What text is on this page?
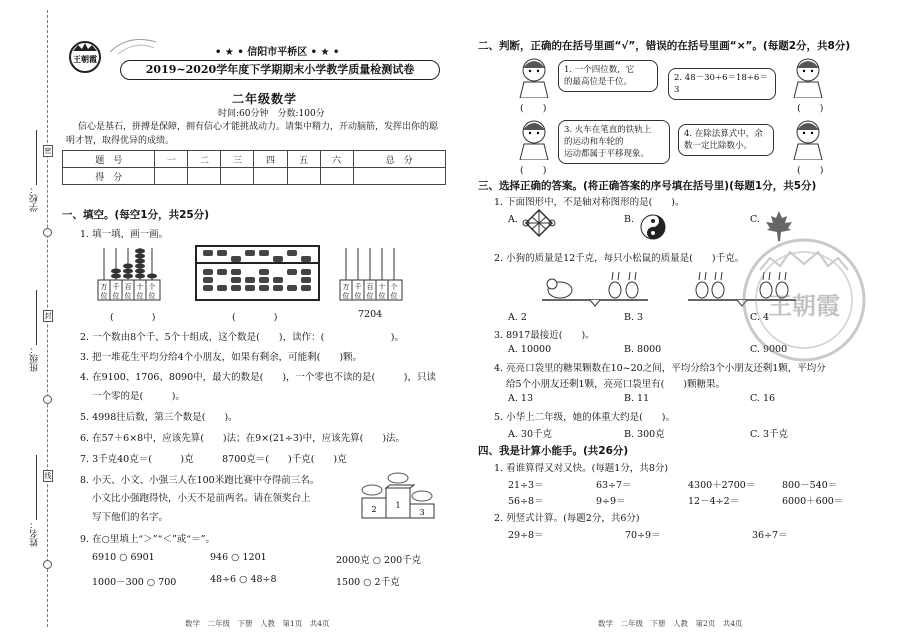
学校：
班级：
姓名：
密
封
线
王朝霞
• ★ • 信阳市平桥区 • ★ •
2019~2020学年度下学期期末小学教学质量检测试卷
二年级数学
时间:60分钟　分数:100分
信心是基石，拼搏是保障，拥有信心才能挑战动力。请集中精力，开动脑筋，发挥出你的聪
明才智，取得优异的成绩。
题　号	一	二	三	四	五	六	总　分
得　分							
一、填空。(每空1分，共25分)
1. 填一填，画一画。
万 千 百 十 个
位 位 位 位 位
万 千 百 十 个
位 位 位 位 位
(　　　　)	(　　　　)	7204
2. 一个数由8个千、5个十组成，这个数是(　　)，读作：(　　　　　　　)。
3. 把一堆花生平均分给4个小朋友，如果有剩余，可能剩(　　)颗。
4. 在9100、1706、8090中，最大的数是(　　)，一个零也不读的是(　　　)，只读
一个零的是(　　　)。
5. 4998往后数，第三个数是(　　)。
6. 在57＋6×8中，应该先算(　　)法；在9×(21÷3)中，应该先算(　　)法。
7. 3千克40克＝(　　　)克　　　8700克＝(　　)千克(　　)克
8. 小天、小文、小强三人在100米跑比赛中夺得前三名。
小文比小强跑得快，小天不是前两名。请在领奖台上
写下他们的名字。
2 1
3
9. 在○里填上“＞”“＜”或“＝”。
6910 ○ 6901	946 ○ 1201	2000克 ○ 200千克
1000－300 ○ 700	48÷6 ○ 48÷8	1500 ○ 2千克
数学　二年级　下册　人教　第1页　共4页
二、判断，正确的在括号里画“√”，错误的在括号里画“×”。(每题2分，共8分)
1. 一个四位数，它
的最高位是千位。
(　　)
2. 48－30÷6＝18÷6＝3
(　　)
3. 火车在笔直的铁轨上
的运动和车轮的
运动都属于平移现象。
(　　)
4. 在除法算式中，余
数一定比除数小。
(　　)
三、选择正确的答案。(将正确答案的序号填在括号里)(每题1分，共5分)
1. 下面图形中，不是轴对称图形的是(　　)。
A.	B.	C.
2. 小狗的质量是12千克，每只小松鼠的质量是(　　)千克。
A. 2	B. 3	C. 4
3. 8917最接近(　　)。
A. 10000	B. 8000	C. 9000
4. 亮亮口袋里的糖果颗数在10~20之间，平均分给3个小朋友还剩1颗，平均分
给5个小朋友还剩1颗，亮亮口袋里有(　　)颗糖果。
A. 13	B. 11	C. 16
5. 小华上二年级，她的体重大约是(　　)。
A. 30千克	B. 300克	C. 3千克
四、我是计算小能手。(共26分)
1. 看谁算得又对又快。(每题1分，共8分)
21÷3＝	63÷7＝	4300＋2700＝	800－540＝
56÷8＝	9÷9＝	12－4÷2＝	6000＋600＝
2. 列竖式计算。(每题2分，共6分)
29÷8＝	70÷9＝	36÷7＝
数学　二年级　下册　人教　第2页　共4页
王朝霞
